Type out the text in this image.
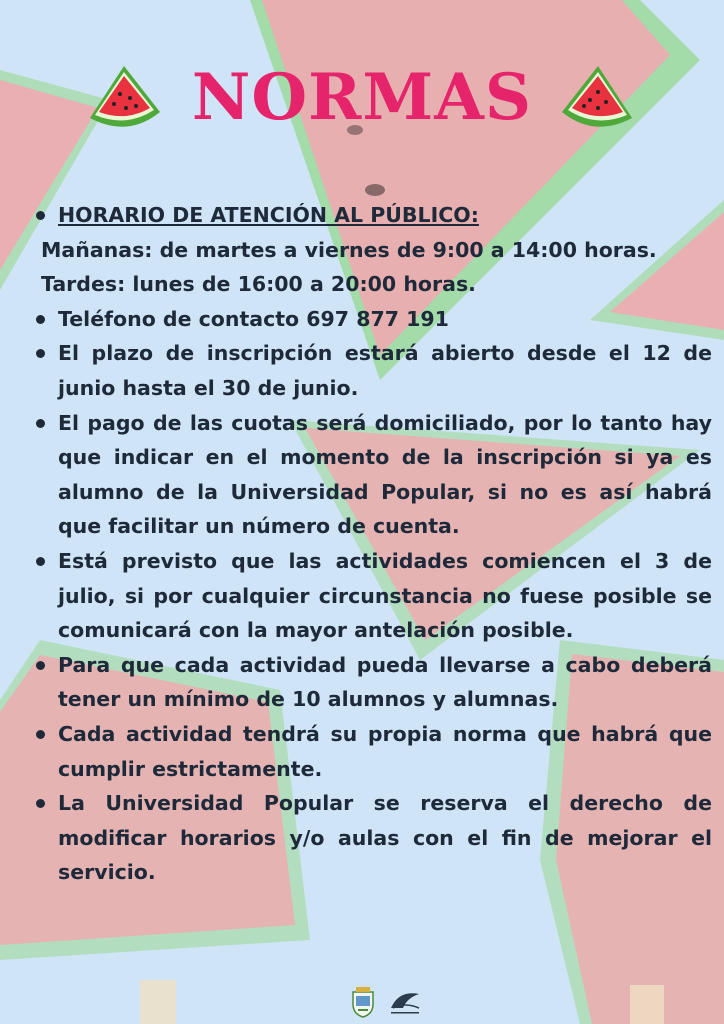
NORMAS
HORARIO DE ATENCIÓN AL PÚBLICO:
Mañanas: de martes a viernes de 9:00 a 14:00 horas.
Tardes: lunes de 16:00 a 20:00 horas.
Teléfono de contacto 697 877 191
El plazo de inscripción estará abierto desde el 12 de junio hasta el 30 de junio.
El pago de las cuotas será domiciliado, por lo tanto hay que indicar en el momento de la inscripción si ya es alumno de la Universidad Popular, si no es así habrá que facilitar un número de cuenta.
Está previsto que las actividades comiencen el 3 de julio, si por cualquier circunstancia no fuese posible se comunicará con la mayor antelación posible.
Para que cada actividad pueda llevarse a cabo deberá tener un mínimo de 10 alumnos y alumnas.
Cada actividad tendrá su propia norma que habrá que cumplir estrictamente.
La Universidad Popular se reserva el derecho de modificar horarios y/o aulas con el fin de mejorar el servicio.
